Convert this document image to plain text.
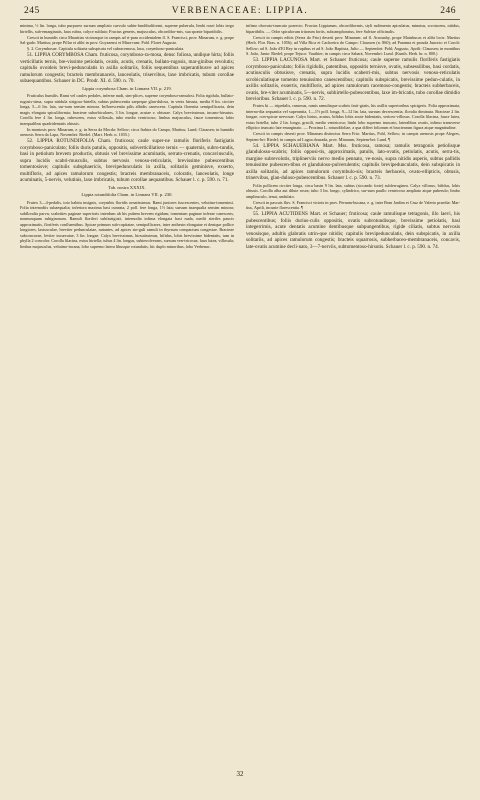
245	VERBENACEAE: LIPPIA.	246

minima, ½ lin. longa, tubo purpureo sursum ampliato curvulo subin-fundibuliformi, superne puberula, limbi rosei lobis tergo hirtellis, sub-emarginatis, faux rubra, calyce sublato; Fructus generis, majusculus, obcordifor-mis, sua sponte bipartibilis.

Crescit in humidis circa Mauritias vicinosque in campis ad ri-pam occidentalem fl. S. Francisci, prov. Minarum, e. g. prope Sal-gado: Martius; prope Pillar et alibi in prov. Goyazensi et Mina-rum: Pohl. Floret Augusto.

§. 2. Corymbosae. Capitula solitaria subspicata vel subracemosa, laxa, corymboso-paniculata.

51. LIPPIA CORYMBOSA Cham. fruticosa, corymboso-ra-mosa, densc foliosa, undique hirta; foliis verticillatis ternis, bre-vissime petiolatis, ovatis, acutis, crenatis, bullato-rugosis, mar-ginibus revolutis; capitulis ovoideis brevi-pedunculatis in axilla solitariis, foliis sequentibus superantibusve ad apices ramulorum congestis; bracteis membranaceis, lanceolatis, triservibus, laxe imbricatis, tubum corollae subaequantibus. Schauer in DC. Prodr. XI. d. 590. n. 70.

Lippia corymbosa Cham. in Linnaea VII. p. 219.

Fruticulus humilis. Rami vel caules pedales, inferne nudi, sim-plices, superne corymboso-ramulosi. Folia rigidula, bullato-rugosis-sima, supra nitidula strigoso-hirtella, subtus pubescentia saepeque glan-dulosa, in venis hirsuta, media 8 lin. circiter longa, 5—6 lin. lata, sur-sum sensim minora. Inflorescentia pilis albidis canescens. Capitula florentia semipollicaria, dein magis elongata spiculiformia; bracteae suborbiculares, 3 lin. longae, acutae v. obtusae. Calyx brevissimus, incano-hirsutus. Corolla fere 4 lin. longa, rubescens, extus villosula, tubo medio ventricoso; limbus majusculus, fauce tomentosa; lobis inaequalibus quadridentatis obtusis.

In montosis prov. Minarum, e. g. in Serra da Mocda: Sellow; circa Itabira do Campo, Martius; Lund; Claussen; in humidis arenosis Serra da Lapa, Novembri: Riedel. (Mart. Herb. n. 1035.)

52. LIPPIA ROTUNDIFOLIA Cham. fruticosa; caule super-ne ramulis floriferis fastigiatis corymboso-paniculato; foliis duris patulis, oppositis, subverticillatisve ternis — quaternis, subro-tundis, basi in petiolum brevem productis, obtusis vel brevissime acuminatis, serrato-crenatis, concavinsculis, supra lucidis scabri-musculis, subtus nervosis venoso-reticulatis, brevissime pubescentibus tomentosisve; capitulis subsphaericis, brevipedunculatis in axilla, solitariis geminisve, exserto, multifloris, ad apices ramulorum congestis; bracteis membranaceis, coloratis, lanceolatis, longe acuminatis, 5-nervis, velutinis, laxe imbricatis, tubum corollae aequantibus. Schauer l. c. p. 590. n. 71.

Tab. nostra XXXIX.

Lippia rotundifolia Cham. in Linnaea VII. p. 230.

Frutex 3—4-pedalis, toto habitu insignis, corymbis floridis ornatissimus. Rami juniores fuscescentes, velutino-tomentosi. Folia internodiis subaequalia; inferiora maxima basi cuneata, 2 poll. fere longa, 1½ lata; sursum inaequalia sensim minora; subfloralia parva; scabrities paginae superioris interdum ab his pubem brevem rigidam; tomentum paginae inferae canescens, nonnunquam rubiginosum. Ramuli floriferi subfastigiati, internodia infima elongata basi nuda, medii steriles paucis approximatis, floriferis confluentibus. Spicae primum sub-capitatae, semipollicares, inter anthesin elongatae et denique pollice longiores, laxiusculae, breviter pedunculatae, nutantes, ad apices sin-guli ramuli in thyrsum compactum congestae. Bracteae subconcavae, leviter incurvatae, 3 lin. longae. Calyx brevissimus, hirsutissimus, bifidus, lobis brevissime bidentatis, tum in phylla 2 concolor. Corolla lilacina, extus hirtella; tubus 4 lin. longus, subinvolverans, sursum ven-tricosus; faux lutea, villosula; limbus majusculus, velutino-incana, lobo supremo latera libusque rotundatis, hic duplo minoribus, lobo Verbenac.

infimo obovato-truncato porrecto. Fructus Lippiarum, obcordiformis, styli rudimento apiculatus, minutus, scrotacens, nitidus, bipartibilis. — Odor spiculorum tritorum fortis, subcamphoratus, fere Salviae officinalis.

Crescit in campis editis (Serra do Frio) deserti prov. Minarum: ad fl. Araouahy, prope Mainbucas et alibi locis: Martius (Herb. Flor. Bras. n. 1056); ad Villa Rica et Cachoeira do Campo: Claussen (n. 860); ad Paranna et prouda Junocio et Coroli: Sellow; ad S. João d'El Rey in rupibus et ad S. João Baptista, Julio — Septembri: Pohl; Augusto, Aprili: Claussen; in montibus S. João, Janio: Riedel; prope Tejuco: Vauthier; in campis circa Sabará, Novembri: Lund. (Kunth. Herb. br. n. 800.)

53. LIPPIA LACUNOSA Mart. et Schauer fruticosa; caule superne ramulis floriferis fastigiatis corymboso-paniculato; foliis rigidulis, patentibus, oppositis ternisve, ovatis, subsessilibus, basi cordatis, acutiusculis obtusisve, crenatis, supra lucidis scaberri-mis, subtus nervosis venoso-reticulatis scrobiculatisque tomento tenuissimo canescentibus; capitulis subspicatis, brevissime pedun-culatis, in axillis solitariis, exsertis, multifloris, ad apices ramulorum racemoso-congestis; bracteis subherbaceis, ovatis, bre-viter acuminatis, 5—nervis, subhirtello-pubescentibus, laxe im-bricatis, tubo corollae dimidio brevioribus. Schauer l. c. p. 590. n. 72.

Frutex bi — tripedalis, ramosus, ramis ramulisque scabris fasti-giatis, his axillis superioribus spicigeris. Folia approximata, interno-dia sequantia vel superantia, 1—1½ poll. longa, 9—12 lin. lata, sursum decrescentia, floralia diminuta. Bracteae 2 lin. longae, con-spicue nervosae. Calyx hirtus, acutus, bifidus lobis acute bidentatis, sericeo-villosus. Corolla lilacina, fauce lutea, extus hirtella; tubo 2 lin. longo, gracili, medio ventricoso; limbi lobo supremo truncato, lateralibus ovatis, infimo transverse elliptico truncato late emarginato. — Proxima L. rotundifoliae, a qua differt foliorum et bractearum figura atque magnitudine.

Crescit in campis deserti prov. Minarum distinctus Serra Frio: Martius, Pohl, Sellow; in campis arenosis prope Alegres, Septem-bri: Riedel; in campis ad Lagoa dourada, prov. Minarum, Septem-bri: Lund. ¶

54. LIPPIA SCHAUERIANA Mart. Mss. fruticosa, ramosa; ramulis tetragonis petiolisque glandulosso-scabris; foliis opposi-tis, approximatis, patulis, lato-ovatis, petiolatis, acutis, serra-tis, margine subrevolutis, triplinerviis nervo medio pennato, ve-nosis, supra nitidis asperis, subtus pallidis tenuissime pubescen-tibus et glanduloso-pulverulentis; capitulis brevipedunculatis, dein subspicatis in axilla solitariis, ad apices ramulorum corymbulo-sis; bracteis herbaceis, ovato-ellipticis, obtusis, trinervibus, glan-duloso-pubescentibus. Schauer l. c. p. 590. n. 73.

Folia pollicem circiter longa, circa basin 9 lin. lata, subtus (siccando forte) subferruginea. Calyx villosus, bifidus, lobis obtusis. Corolla alba aut dilute rosea; tubo 3 lin. longo, cylindrico, sur-sum paullo ventricoso ampliato atque puberulo; limbo amplinsculo, tenui, undulato.

Crescit in pascuis fluv. S. Francisci vicinis in prov. Pernam-bucana, e. g. inter Bom Jardim et Cruz de Valerio praedia: Mar-tius, Aprili, incunte florescentia. ¶

55. LIPPIA ACUTIDENS Mart. et Schauer; fruticosa; caule ramulisque tetragonis, illo laevi, his pubescentibus; foliis durius-culis oppositis, ovatis subrotundisque, brevissime petiolatis, basi integerrimis, acute dentatis acumine dentibusque subpungentibus, rigide ciliatis, subtus nervosis venosisque, adultis glabratis utrin-que nitidis; capitulis brevipedunculatis, dein subspicatis, in axilla solitariis, ad apices ramulorum congestis; bracteis squarrosis, subherbaceo-membranaceis, concavis, late-ovatis acumine decli-nato, 3—7-nerviis, subtomentoso-hirsutis. Schauer l. c. p. 590. n. 74.

32
